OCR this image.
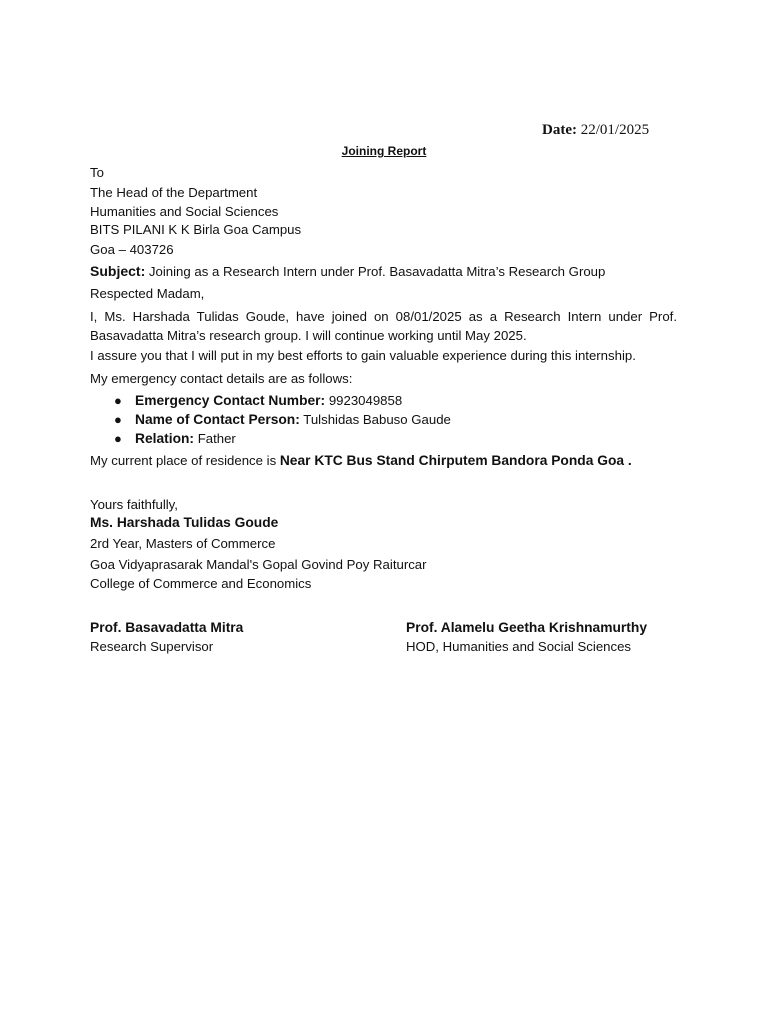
Date: 22/01/2025
Joining Report
To
The Head of the Department
Humanities and Social Sciences
BITS PILANI K K Birla Goa Campus
Goa – 403726
Subject: Joining as a Research Intern under Prof. Basavadatta Mitra’s Research Group
Respected Madam,
I, Ms. Harshada Tulidas Goude, have joined on 08/01/2025 as a Research Intern under Prof. Basavadatta Mitra’s research group. I will continue working until May 2025.
I assure you that I will put in my best efforts to gain valuable experience during this internship.
My emergency contact details are as follows:
● Emergency Contact Number: 9923049858
● Name of Contact Person: Tulshidas Babuso Gaude
● Relation: Father
My current place of residence is Near KTC Bus Stand Chirputem Bandora Ponda Goa .
Yours faithfully,
Ms. Harshada Tulidas Goude
2rd Year, Masters of Commerce
Goa Vidyaprasarak Mandal's Gopal Govind Poy Raiturcar
College of Commerce and Economics
Prof. Basavadatta Mitra
Research Supervisor
Prof. Alamelu Geetha Krishnamurthy
HOD, Humanities and Social Sciences
